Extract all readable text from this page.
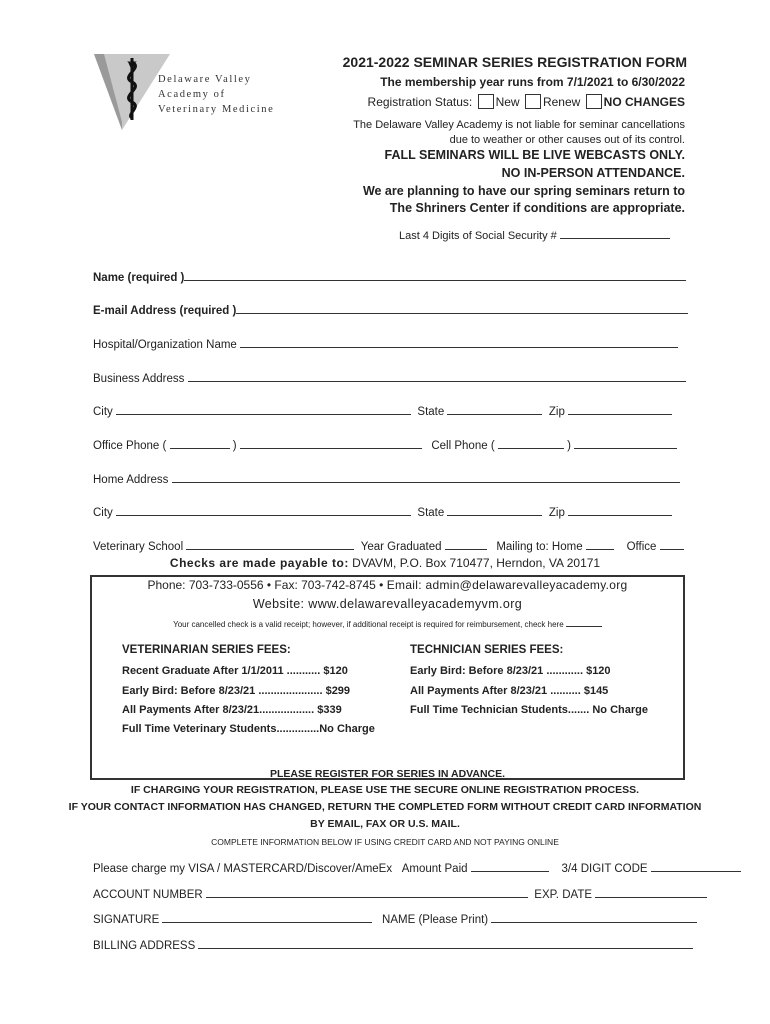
V
Delaware Valley
Academy of
Veterinary Medicine
2021-2022 SEMINAR SERIES REGISTRATION FORM
The membership year runs from 7/1/2021 to 6/30/2022
Registration Status: New Renew NO CHANGES
The Delaware Valley Academy is not liable for seminar cancellations
due to weather or other causes out of its control.
FALL SEMINARS WILL BE LIVE WEBCASTS ONLY.
NO IN-PERSON ATTENDANCE.
We are planning to have our spring seminars return to
The Shriners Center if conditions are appropriate.
Last 4 Digits of Social Security #
Name (required )
E-mail Address (required )
Hospital/Organization Name
Business Address
City	State	Zip
Office Phone (	)	Cell Phone (	)
Home Address
City	State	Zip
Veterinary School	Year Graduated	Mailing to: Home	Office
Checks are made payable to: DVAVM, P.O. Box 710477, Herndon, VA 20171
Phone: 703-733-0556 • Fax: 703-742-8745 • Email: admin@delawarevalleyacademy.org
Website: www.delawarevalleyacademyvm.org
Your cancelled check is a valid receipt; however, if additional receipt is required for reimbursement, check here
VETERINARIAN SERIES FEES:
Recent Graduate After 1/1/2011 ........... $120
Early Bird: Before 8/23/21 ..................... $299
All Payments After 8/23/21.................. $339
Full Time Veterinary Students..............No Charge
TECHNICIAN SERIES FEES:
Early Bird: Before 8/23/21 ............ $120
All Payments After 8/23/21 .......... $145
Full Time Technician Students....... No Charge
PLEASE REGISTER FOR SERIES IN ADVANCE.
IF CHARGING YOUR REGISTRATION, PLEASE USE THE SECURE ONLINE REGISTRATION PROCESS.
IF YOUR CONTACT INFORMATION HAS CHANGED, RETURN THE COMPLETED FORM WITHOUT CREDIT CARD INFORMATION
BY EMAIL, FAX OR U.S. MAIL.
COMPLETE INFORMATION BELOW IF USING CREDIT CARD AND NOT PAYING ONLINE
Please charge my VISA / MASTERCARD/Discover/AmeEx Amount Paid	3/4 DIGIT CODE
ACCOUNT NUMBER	EXP. DATE
SIGNATURE	NAME (Please Print)
BILLING ADDRESS
